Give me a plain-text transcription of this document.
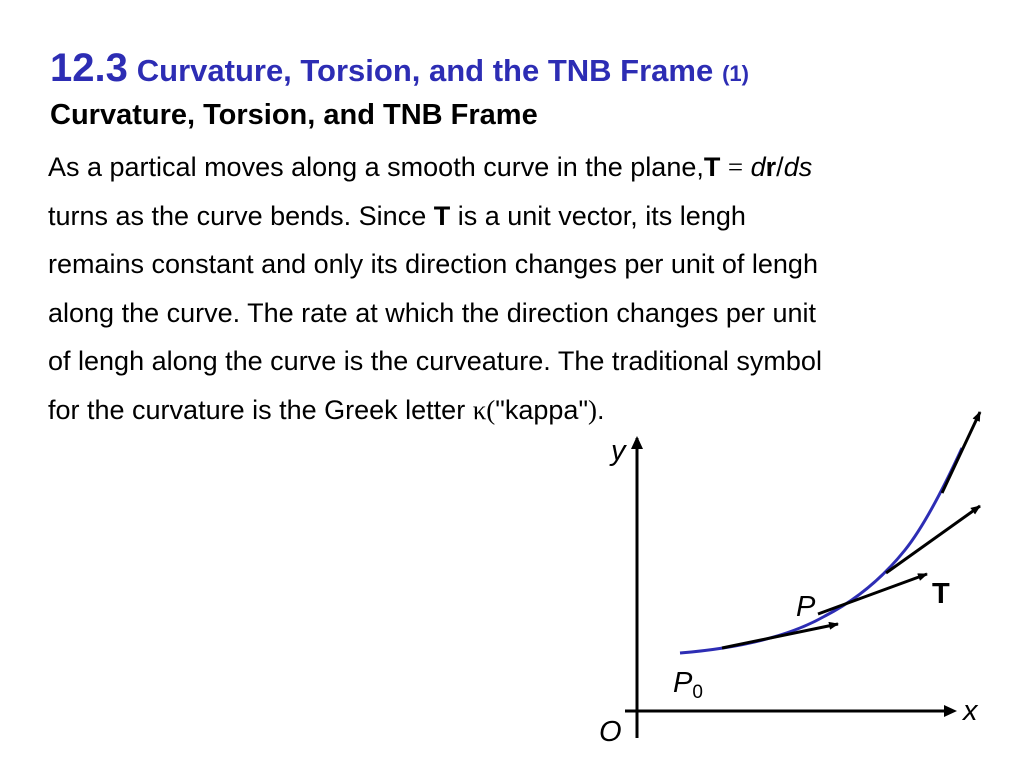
12.3 Curvature, Torsion, and the TNB Frame (1)
Curvature, Torsion, and TNB Frame

As a partical moves along a smooth curve in the plane,T = dr/ds
turns as the curve bends. Since T is a unit vector, its lengh
remains constant and only its direction changes per unit of lengh
along the curve. The rate at which the direction changes per unit
of lengh along the curve is the curveature. The traditional symbol
for the curvature is the Greek letter κ("kappa").

y
x
O
P
$P_0$
T
